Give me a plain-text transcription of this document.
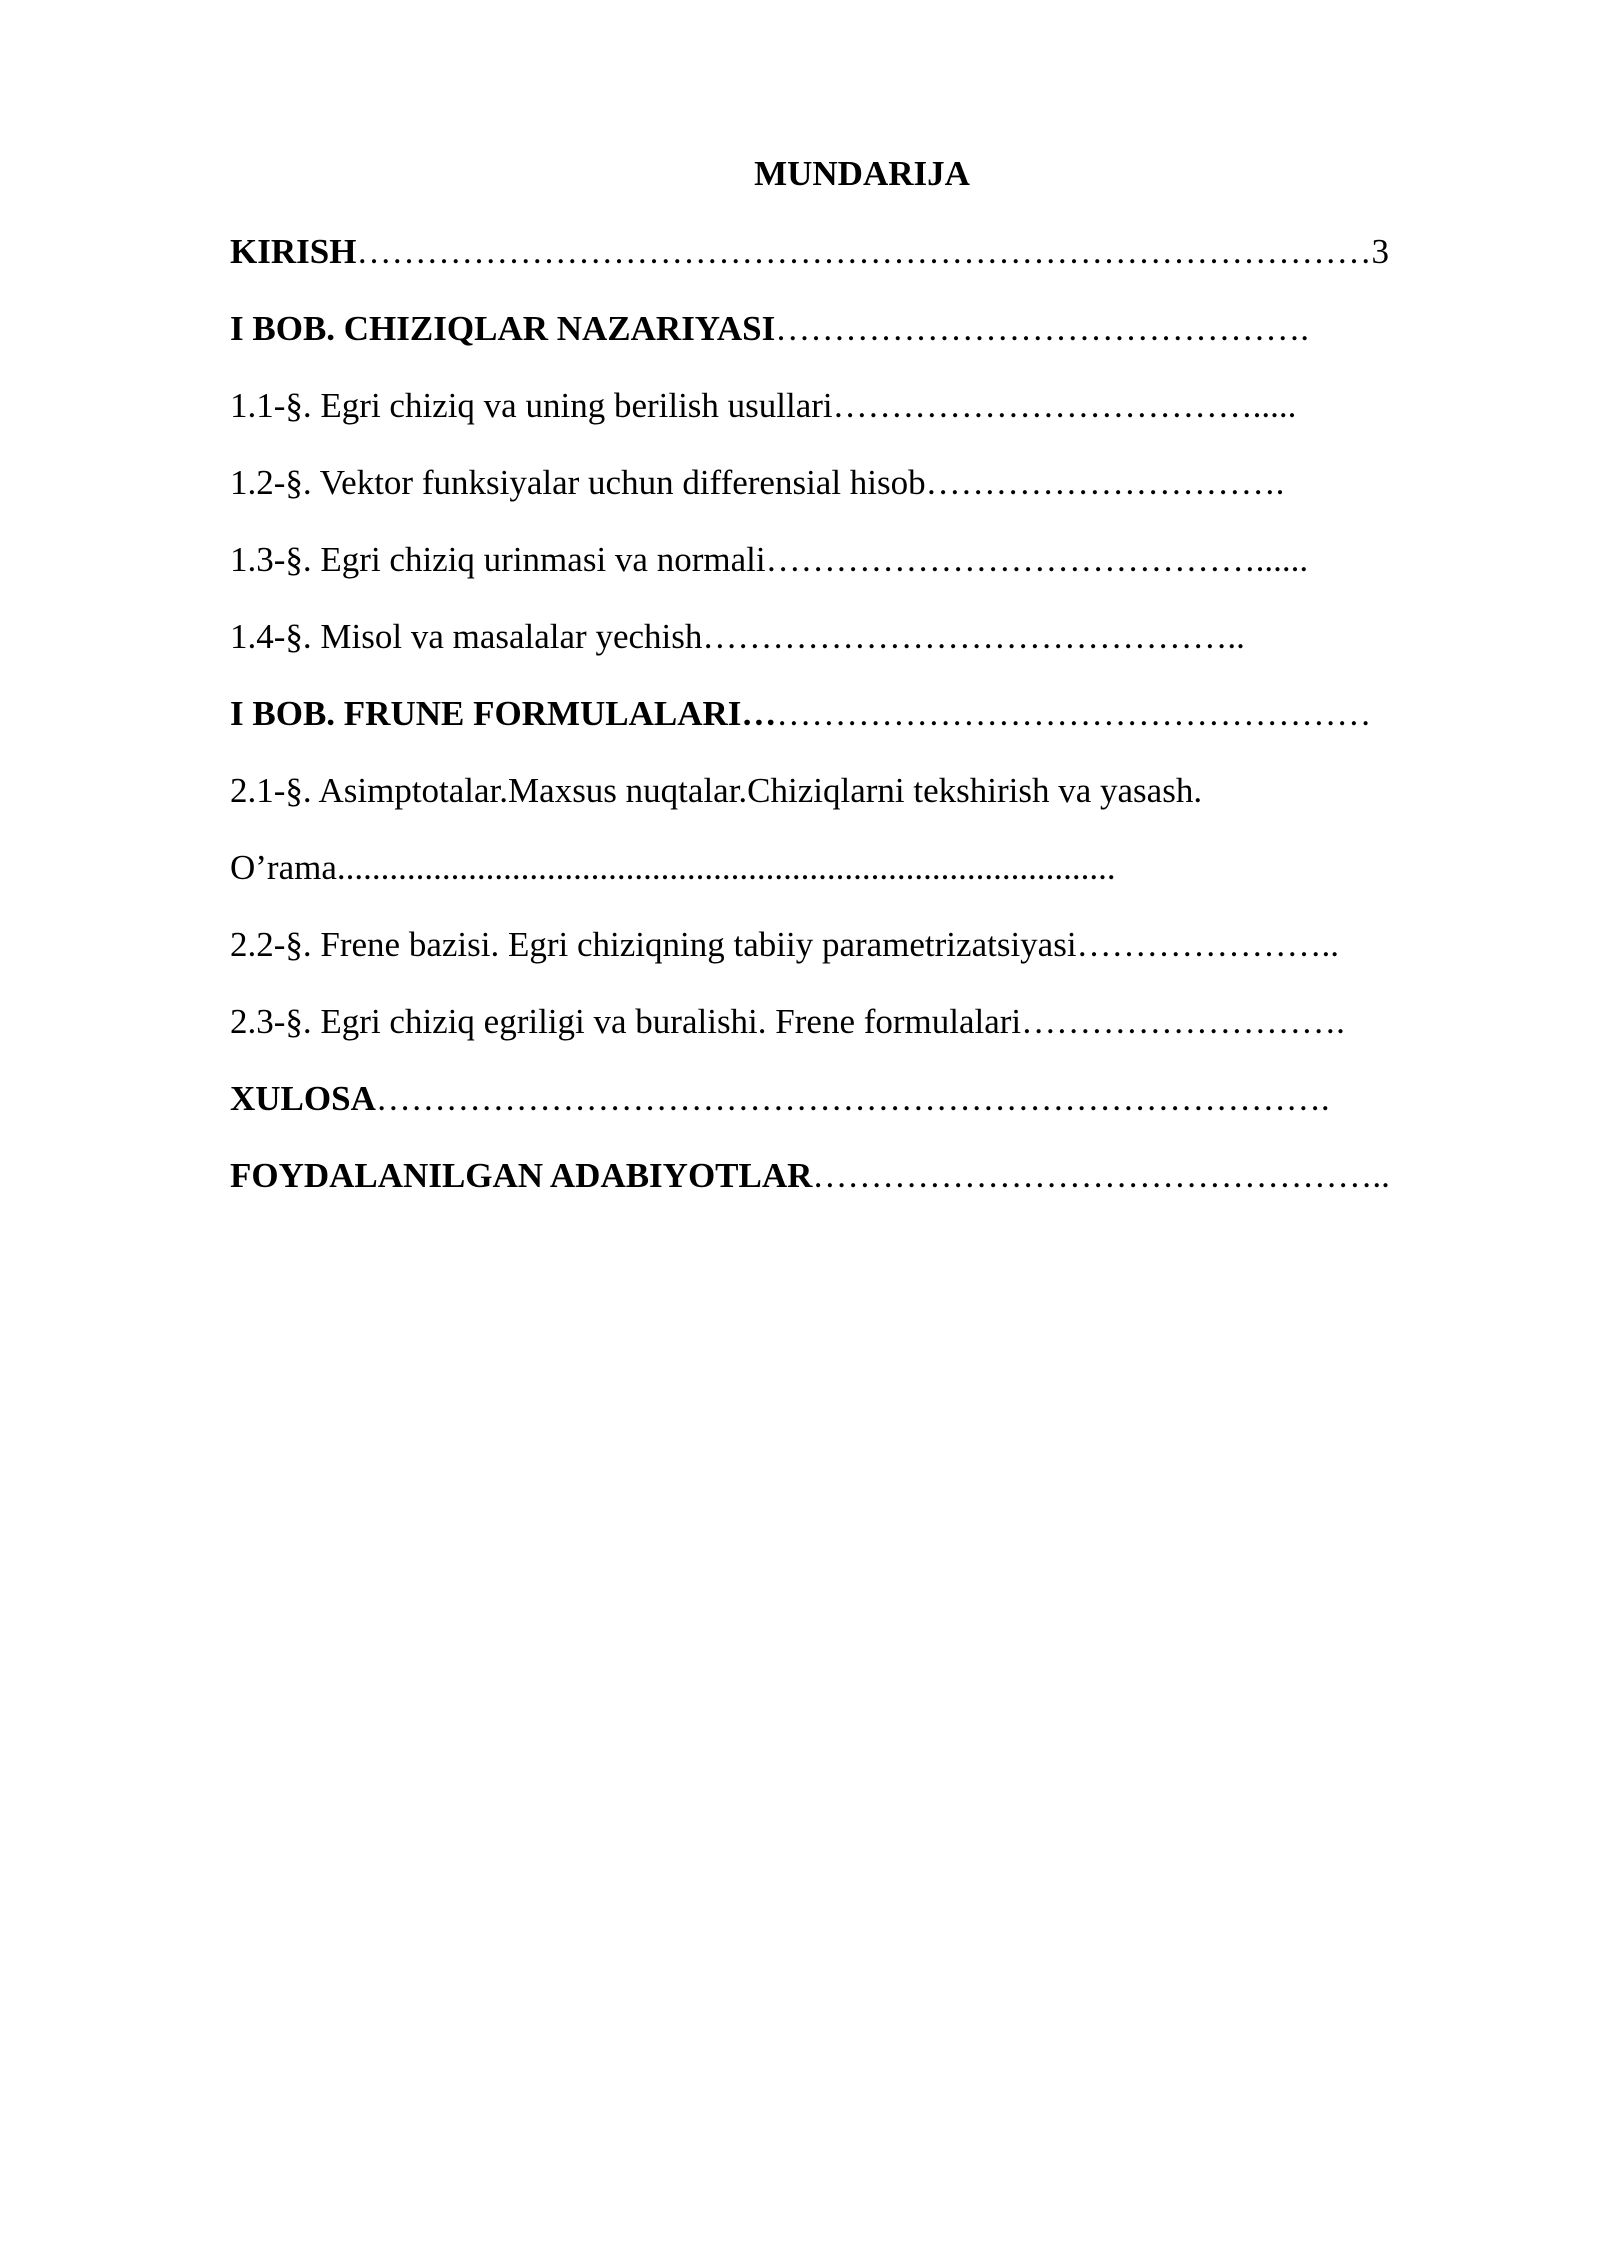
MUNDARIJA
KIRISH……………………………………………………………………………3
I BOB. CHIZIQLAR NAZARIYASI……………………………………….
1.1-§. Egri chiziq va uning berilish usullari……………………………….....
1.2-§. Vektor funksiyalar uchun differensial hisob………………………….
1.3-§. Egri chiziq urinmasi va normali……………………………………......
1.4-§. Misol va masalalar yechish………………………………………..
I BOB. FRUNE FORMULALARI………………………………………………
2.1-§. Asimptotalar.Maxsus nuqtalar.Chiziqlarni tekshirish va yasash.
O’rama.........................................................................................
2.2-§. Frene bazisi. Egri chiziqning tabiiy parametrizatsiyasi…………………..
2.3-§. Egri chiziq egriligi va buralishi. Frene formulalari……………………….
XULOSA……………………………………………………………………….
FOYDALANILGAN ADABIYOTLAR…………………………………………..
